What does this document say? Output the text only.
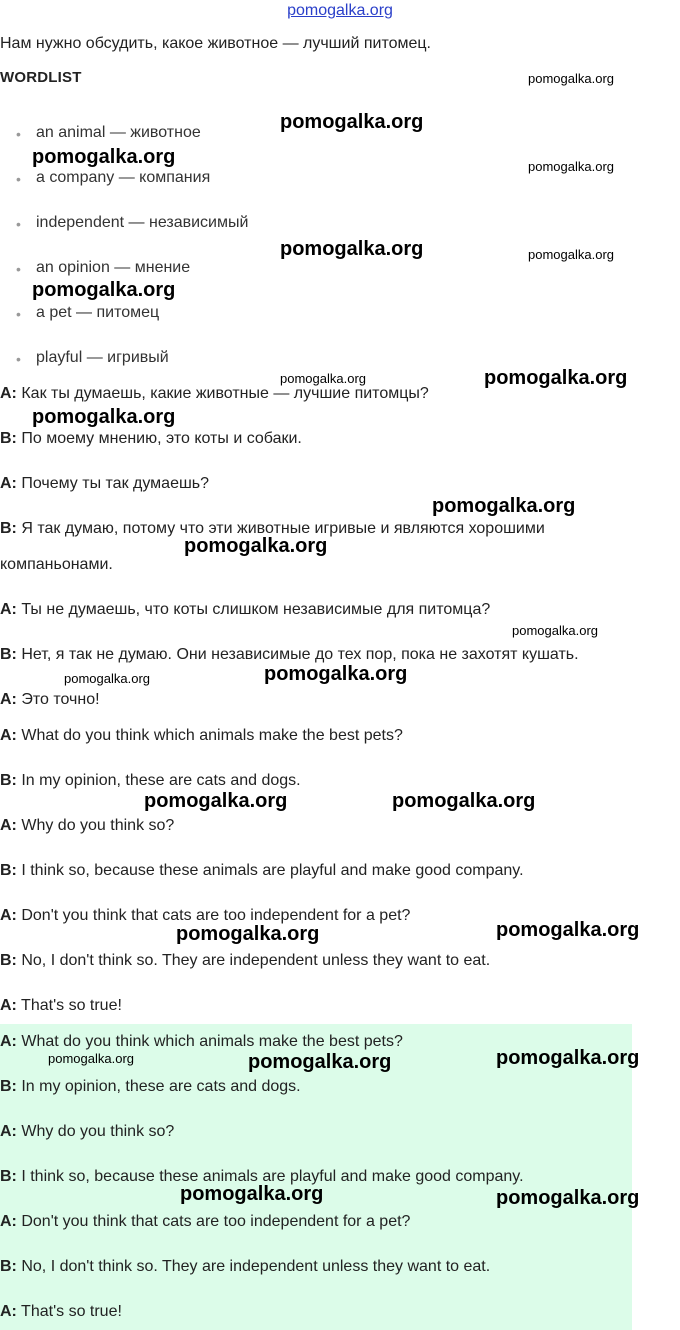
pomogalka.org
Нам нужно обсудить, какое животное — лучший питомец.
WORDLIST
• an animal — животное
• a company — компания
• independent — независимый
• an opinion — мнение
• a pet — питомец
• playful — игривый
A: Как ты думаешь, какие животные — лучшие питомцы?
B: По моему мнению, это коты и собаки.
A: Почему ты так думаешь?
B: Я так думаю, потому что эти животные игривые и являются хорошими компаньонами.
A: Ты не думаешь, что коты слишком независимые для питомца?
B: Нет, я так не думаю. Они независимые до тех пор, пока не захотят кушать.
A: Это точно!
A: What do you think which animals make the best pets?
B: In my opinion, these are cats and dogs.
A: Why do you think so?
B: I think so, because these animals are playful and make good company.
A: Don't you think that cats are too independent for a pet?
B: No, I don't think so. They are independent unless they want to eat.
A: That's so true!
A: What do you think which animals make the best pets?
B: In my opinion, these are cats and dogs.
A: Why do you think so?
B: I think so, because these animals are playful and make good company.
A: Don't you think that cats are too independent for a pet?
B: No, I don't think so. They are independent unless they want to eat.
A: That's so true!
pomogalka.org
pomogalka.org
pomogalka.org	pomogalka.org
pomogalka.org	pomogalka.org
pomogalka.org
pomogalka.org	pomogalka.org
pomogalka.org
pomogalka.org
pomogalka.org
pomogalka.org
pomogalka.org
pomogalka.org
pomogalka.org	pomogalka.org
pomogalka.org	pomogalka.org
pomogalka.org	pomogalka.org	pomogalka.org
pomogalka.org	pomogalka.org
